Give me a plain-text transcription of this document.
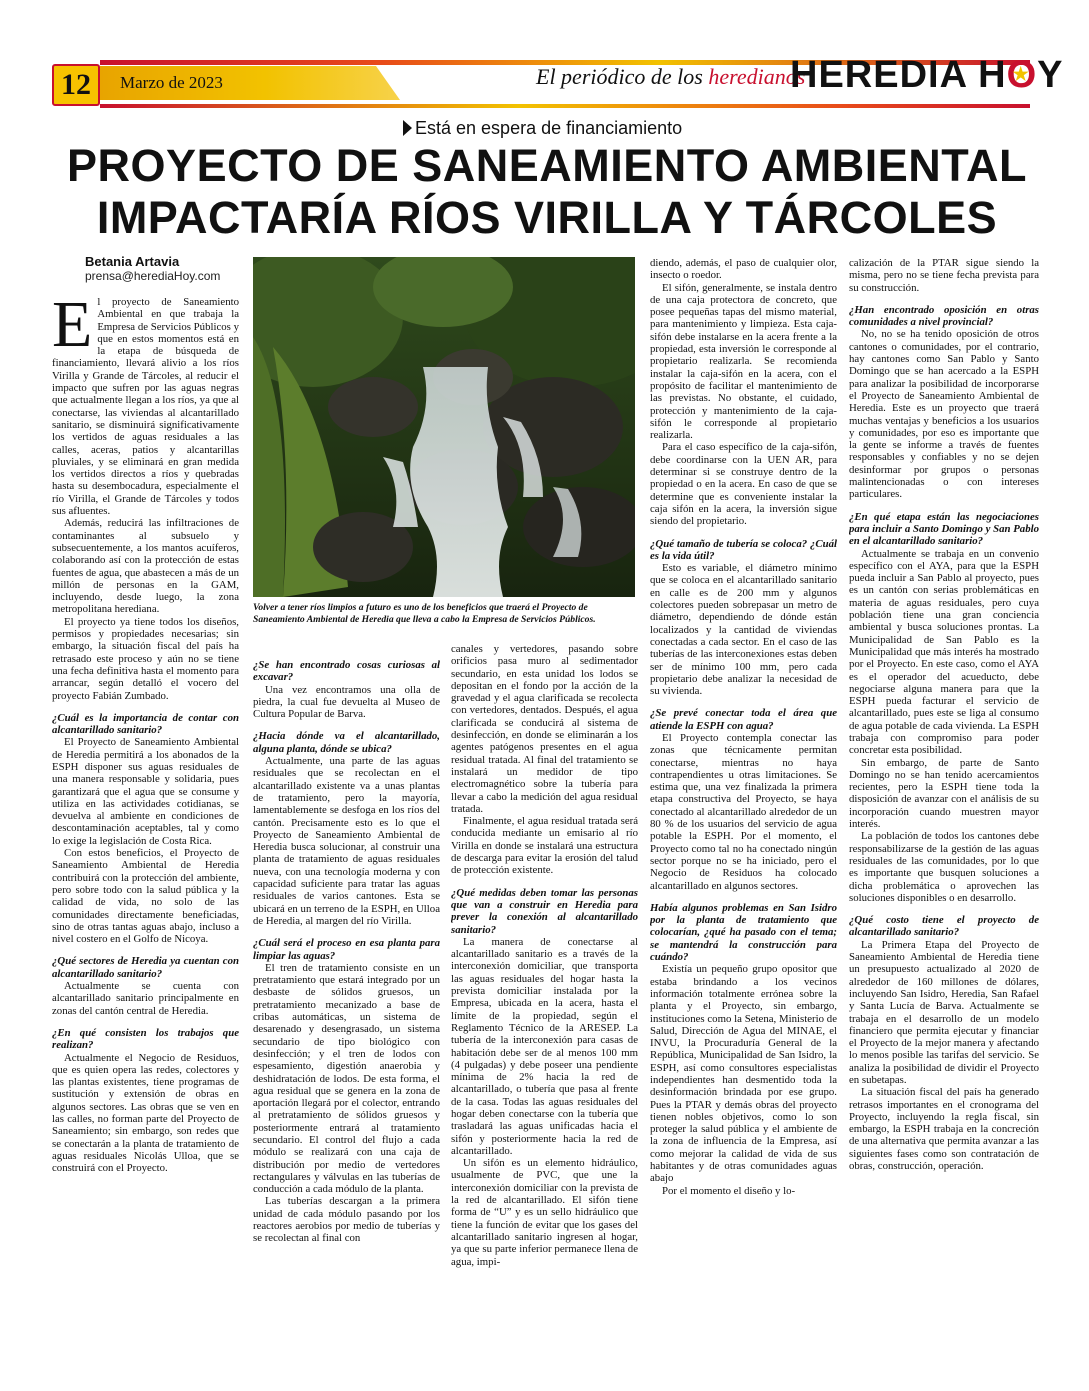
12	Marzo de 2023	El periódico de los heredianos
HEREDIA HO ★Y
Está en espera de financiamiento
PROYECTO DE SANEAMIENTO AMBIENTAL
IMPACTARÍA RÍOS VIRILLA Y TÁRCOLES
Betania Artavia
prensa@herediaHoy.com
Volver a tener ríos limpios a futuro es uno de los beneficios que traerá el Proyecto de Saneamiento Ambiental de Heredia que lleva a cabo la Empresa de Servicios Públicos.

El proyecto de Saneamiento Ambiental en que trabaja la Empresa de Servicios Públicos y que en estos momentos está en la etapa de búsqueda de financiamiento, llevará alivio a los ríos Virilla y Grande de Tárcoles, al reducir el impacto que sufren por las aguas negras que actualmente llegan a los ríos, ya que al conectarse, las viviendas al alcantarillado sanitario, se disminuirá significativamente los vertidos de aguas residuales a las calles, aceras, patios y alcantarillas pluviales, y se eliminará en gran medida los vertidos directos a ríos y quebradas hasta su desembocadura, especialmente el río Virilla, el Grande de Tárcoles y todos sus afluentes.

Además, reducirá las infiltraciones de contaminantes al subsuelo y subsecuentemente, a los mantos acuíferos, colaborando así con la protección de estas fuentes de agua, que abastecen a más de un millón de personas en la GAM, incluyendo, desde luego, la zona metropolitana herediana.

El proyecto ya tiene todos los diseños, permisos y propiedades necesarias; sin embargo, la situación fiscal del país ha retrasado este proceso y aún no se tiene una fecha definitiva hasta el momento para arrancar, según detalló el vocero del proyecto Fabián Zumbado.

¿Cuál es la importancia de contar con alcantarillado sanitario?

El Proyecto de Saneamiento Ambiental de Heredia permitirá a los abonados de la ESPH disponer sus aguas residuales de una manera responsable y solidaria, pues garantizará que el agua que se consume y utiliza en las actividades cotidianas, se devuelva al ambiente en condiciones de descontaminación aceptables, tal y como lo exige la legislación de Costa Rica.

Con estos beneficios, el Proyecto de Saneamiento Ambiental de Heredia contribuirá con la protección del ambiente, pero sobre todo con la salud pública y la calidad de vida, no solo de las comunidades directamente beneficiadas, sino de otras tantas aguas abajo, incluso a nivel costero en el Golfo de Nicoya.

¿Qué sectores de Heredia ya cuentan con alcantarillado sanitario?

Actualmente se cuenta con alcantarillado sanitario principalmente en zonas del cantón central de Heredia.

¿En qué consisten los trabajos que realizan?

Actualmente el Negocio de Residuos, que es quien opera las redes, colectores y las plantas existentes, tiene programas de sustitución y extensión de obras en algunos sectores. Las obras que se ven en las calles, no forman parte del Proyecto de Saneamiento; sin embargo, son redes que se conectarán a la planta de tratamiento de aguas residuales Nicolás Ulloa, que se construirá con el Proyecto.

¿Se han encontrado cosas curiosas al excavar?

Una vez encontramos una olla de piedra, la cual fue devuelta al Museo de Cultura Popular de Barva.

¿Hacia dónde va el alcantarillado, alguna planta, dónde se ubica?

Actualmente, una parte de las aguas residuales que se recolectan en el alcantarillado existente va a unas plantas de tratamiento, pero la mayoría, lamentablemente se desfoga en los ríos del cantón. Precisamente esto es lo que el Proyecto de Saneamiento Ambiental de Heredia busca solucionar, al construir una planta de tratamiento de aguas residuales nueva, con una tecnología moderna y con capacidad suficiente para tratar las aguas residuales de varios cantones. Esta se ubicará en un terreno de la ESPH, en Ulloa de Heredia, al margen del río Virilla.

¿Cuál será el proceso en esa planta para limpiar las aguas?

El tren de tratamiento consiste en un pretratamiento que estará integrado por un desbaste de sólidos gruesos, un pretratamiento mecanizado a base de cribas automáticas, un sistema de desarenado y desengrasado, un sistema secundario de tipo biológico con desinfección; y el tren de lodos con espesamiento, digestión anaerobia y deshidratación de lodos. De esta forma, el agua residual que se genera en la zona de aportación llegará por el colector, entrando al pretratamiento de sólidos gruesos y posteriormente entrará al tratamiento secundario. El control del flujo a cada módulo se realizará con una caja de distribución por medio de vertedores rectangulares y válvulas en las tuberías de conducción a cada módulo de la planta.

Las tuberías descargan a la primera unidad de cada módulo pasando por los reactores aerobios por medio de tuberías y se recolectan al final con

canales y vertedores, pasando sobre orificios pasa muro al sedimentador secundario, en esta unidad los lodos se depositan en el fondo por la acción de la gravedad y el agua clarificada se recolecta con vertedores, dentados. Después, el agua clarificada se conducirá al sistema de desinfección, en donde se eliminarán a los agentes patógenos presentes en el agua residual tratada. Al final del tratamiento se instalará un medidor de tipo electromagnético sobre la tubería para llevar a cabo la medición del agua residual tratada.

Finalmente, el agua residual tratada será conducida mediante un emisario al río Virilla en donde se instalará una estructura de descarga para evitar la erosión del talud de protección existente.

¿Qué medidas deben tomar las personas que van a construir en Heredia para prever la conexión al alcantarillado sanitario?

La manera de conectarse al alcantarillado sanitario es a través de la interconexión domiciliar, que transporta las aguas residuales del hogar hasta la prevista domiciliar instalada por la Empresa, ubicada en la acera, hasta el límite de la propiedad, según el Reglamento Técnico de la ARESEP. La tubería de la interconexión para casas de habitación debe ser de al menos 100 mm (4 pulgadas) y debe poseer una pendiente mínima de 2% hacia la red de alcantarillado, o tubería que pasa al frente de la casa. Todas las aguas residuales del hogar deben conectarse con la tubería que trasladará las aguas unificadas hacia el sifón y posteriormente hacia la red de alcantarillado.

Un sifón es un elemento hidráulico, usualmente de PVC, que une la interconexión domiciliar con la prevista de la red de alcantarillado. El sifón tiene forma de “U” y es un sello hidráulico que tiene la función de evitar que los gases del alcantarillado sanitario ingresen al hogar, ya que su parte inferior permanece llena de agua, impi-

diendo, además, el paso de cualquier olor, insecto o roedor.

El sifón, generalmente, se instala dentro de una caja protectora de concreto, que posee pequeñas tapas del mismo material, para mantenimiento y limpieza. Esta caja-sifón debe instalarse en la acera frente a la propiedad, esta inversión le corresponde al propietario realizarla. Se recomienda instalar la caja-sifón en la acera, con el propósito de facilitar el mantenimiento de las previstas. No obstante, el cuidado, protección y mantenimiento de la caja-sifón le corresponde al propietario realizarla.

Para el caso específico de la caja-sifón, debe coordinarse con la UEN AR, para determinar si se construye dentro de la propiedad o en la acera. En caso de que se determine que es conveniente instalar la caja sifón en la acera, la inversión sigue siendo del propietario.

¿Qué tamaño de tubería se coloca? ¿Cuál es la vida útil?

Esto es variable, el diámetro mínimo que se coloca en el alcantarillado sanitario en calle es de 200 mm y algunos colectores pueden sobrepasar un metro de diámetro, dependiendo de dónde están localizados y la cantidad de viviendas conectadas a cada sector. En el caso de las tuberías de las interconexiones estas deben ser de mínimo 100 mm, pero cada propietario debe analizar la necesidad de su vivienda.

¿Se prevé conectar toda el área que atiende la ESPH con agua?

El Proyecto contempla conectar las zonas que técnicamente permitan conectarse, mientras no haya contrapendientes u otras limitaciones. Se estima que, una vez finalizada la primera etapa constructiva del Proyecto, se haya conectado al alcantarillado alrededor de un 80 % de los usuarios del servicio de agua potable la ESPH. Por el momento, el Proyecto como tal no ha conectado ningún sector porque no se ha iniciado, pero el Negocio de Residuos ha colocado alcantarillado en algunos sectores.

Había algunos problemas en San Isidro por la planta de tratamiento que colocarían, ¿qué ha pasado con el tema; se mantendrá la construcción para cuándo?

Existía un pequeño grupo opositor que estaba brindando a los vecinos información totalmente errónea sobre la planta y el Proyecto, sin embargo, instituciones como la Setena, Ministerio de Salud, Dirección de Agua del MINAE, el INVU, la Procuraduría General de la República, Municipalidad de San Isidro, la ESPH, así como consultores especialistas independientes han desmentido toda la desinformación brindada por ese grupo. Pues la PTAR y demás obras del proyecto tienen nobles objetivos, como lo son proteger la salud pública y el ambiente de la zona de influencia de la Empresa, así como mejorar la calidad de vida de sus habitantes y de otras comunidades aguas abajo

Por el momento el diseño y lo-

calización de la PTAR sigue siendo la misma, pero no se tiene fecha prevista para su construcción.

¿Han encontrado oposición en otras comunidades a nivel provincial?

No, no se ha tenido oposición de otros cantones o comunidades, por el contrario, hay cantones como San Pablo y Santo Domingo que se han acercado a la ESPH para analizar la posibilidad de incorporarse el Proyecto de Saneamiento Ambiental de Heredia. Este es un proyecto que traerá muchas ventajas y beneficios a los usuarios y comunidades, por eso es importante que la gente se informe a través de fuentes responsables y confiables y no se dejen desinformar por grupos o personas malintencionadas o con intereses particulares.

¿En qué etapa están las negociaciones para incluir a Santo Domingo y San Pablo en el alcantarillado sanitario?

Actualmente se trabaja en un convenio específico con el AYA, para que la ESPH pueda incluir a San Pablo al proyecto, pues es un cantón con serias problemáticas en materia de aguas residuales, pero cuya población tiene una gran conciencia ambiental y busca soluciones prontas. La Municipalidad de San Pablo es la Municipalidad que más interés ha mostrado por el Proyecto. En este caso, como el AYA es el operador del acueducto, debe negociarse alguna manera para que la ESPH pueda facturar el servicio de alcantarillado, pues este se liga al consumo de agua potable de cada vivienda. La ESPH trabaja con compromiso para poder concretar esta posibilidad.

Sin embargo, de parte de Santo Domingo no se han tenido acercamientos recientes, pero la ESPH tiene toda la disposición de avanzar con el análisis de su incorporación cuando muestren mayor interés.

La población de todos los cantones debe responsabilizarse de la gestión de las aguas residuales de las comunidades, por lo que es importante que busquen soluciones a dicha problemática o aprovechen las soluciones disponibles o en desarrollo.

¿Qué costo tiene el proyecto de alcantarillado sanitario?

La Primera Etapa del Proyecto de Saneamiento Ambiental de Heredia tiene un presupuesto actualizado al 2020 de alrededor de 160 millones de dólares, incluyendo San Isidro, Heredia, San Rafael y Santa Lucía de Barva. Actualmente se trabaja en el desarrollo de un modelo financiero que permita ejecutar y financiar el Proyecto de la mejor manera y afectando lo menos posible las tarifas del servicio. Se analiza la posibilidad de dividir el Proyecto en subetapas.

La situación fiscal del país ha generado retrasos importantes en el cronograma del Proyecto, incluyendo la regla fiscal, sin embargo, la ESPH trabaja en la concreción de una alternativa que permita avanzar a las siguientes fases como son contratación de obras, construcción, operación.
